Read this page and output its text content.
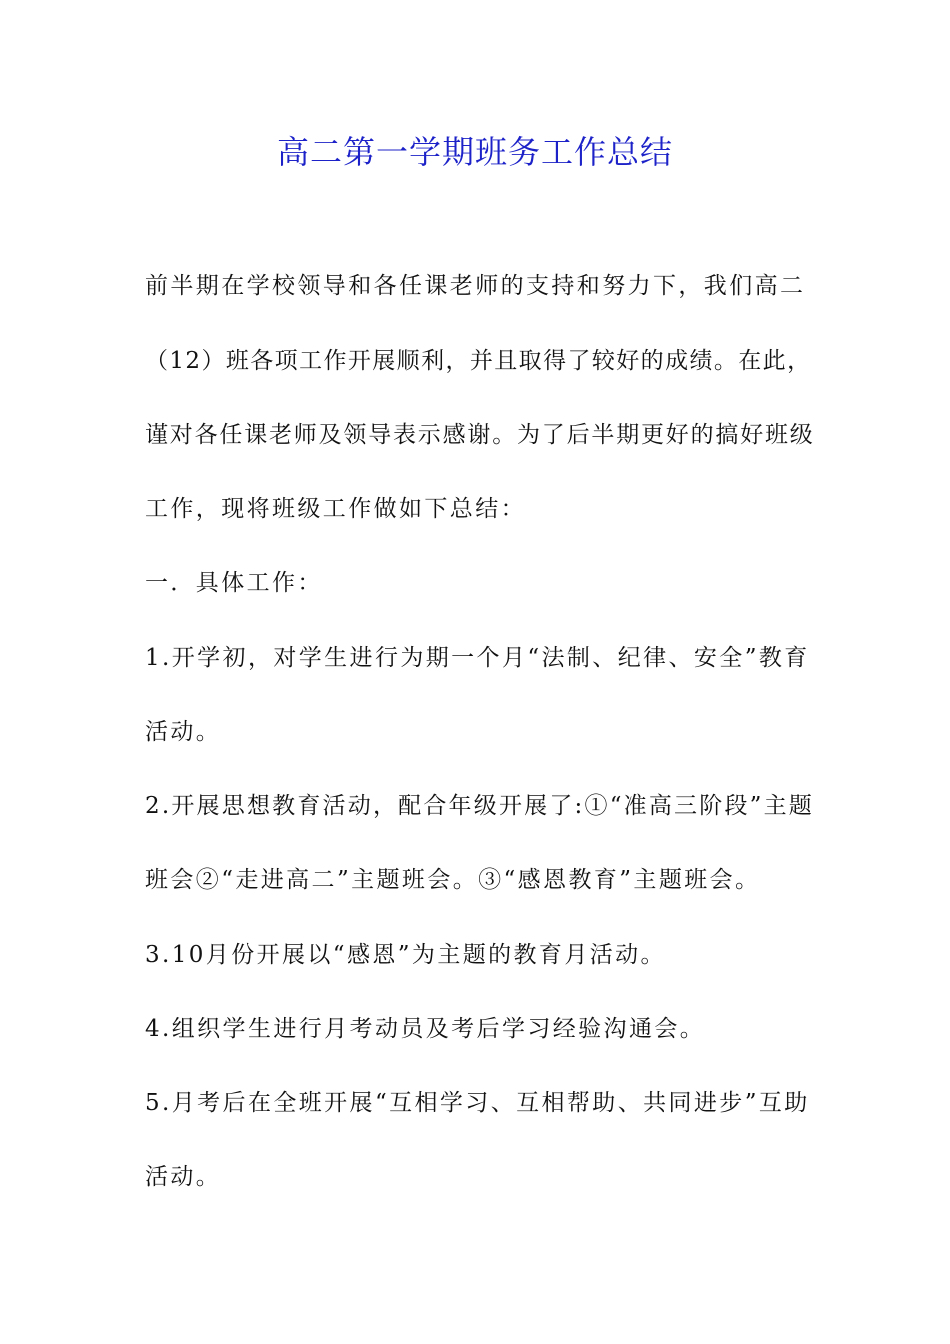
高二第一学期班务工作总结

前半期在学校领导和各任课老师的支持和努力下，我们高二

（12）班各项工作开展顺利，并且取得了较好的成绩。在此，

谨对各任课老师及领导表示感谢。为了后半期更好的搞好班级

工作，现将班级工作做如下总结：

一．具体工作：

1.开学初，对学生进行为期一个月“法制、纪律、安全”教育

活动。

2.开展思想教育活动，配合年级开展了:①“准高三阶段”主题

班会②“走进高二”主题班会。③“感恩教育”主题班会。

3.10月份开展以“感恩”为主题的教育月活动。

4.组织学生进行月考动员及考后学习经验沟通会。

5.月考后在全班开展“互相学习、互相帮助、共同进步”互助

活动。
